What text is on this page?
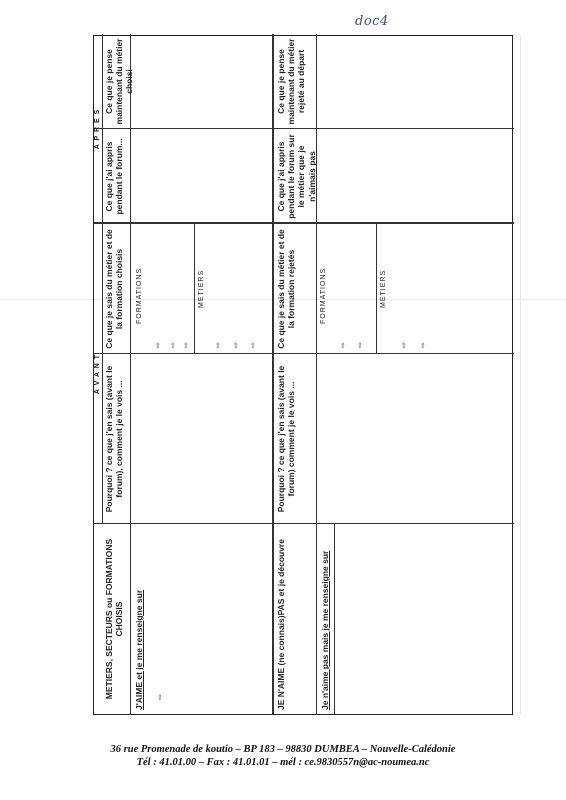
doc4
A V A N T
A P R E S
METIERS, SECTEURS ou FORMATIONS CHOISIS
Pourquoi ? ce que j'en sais (avant le forum), comment je le vois ...
Ce que je sais du métier et de la formation choisis
Ce que j'ai appris pendant le forum...
Ce que je pense maintenant du métier choisi
J'AIME et je me renseigne sur ⇨
FORMATIONS
⇨ ⇨ ⇨
METIERS
⇨ ⇨ ⇨
JE N'AIME (ne connais)PAS et je découvre
Pourquoi ? ce que j'en sais (avant le forum) comment je le vois ...
Ce que je sais du métier et de la formation rejetés
Ce que j'ai appris pendant le forum sur le métier que je n'aimais pas
Ce que je pense maintenant du métier rejeté au départ
Je n'aime pas mais je me renseigne sur
FORMATIONS
⇨ ⇨
METIERS
⇨ ⇨
36 rue Promenade de koutio – BP 183 – 98830 DUMBEA – Nouvelle-Calédonie
Tél : 41.01.00 – Fax : 41.01.01 – mél : ce.9830557n@ac-noumea.nc
